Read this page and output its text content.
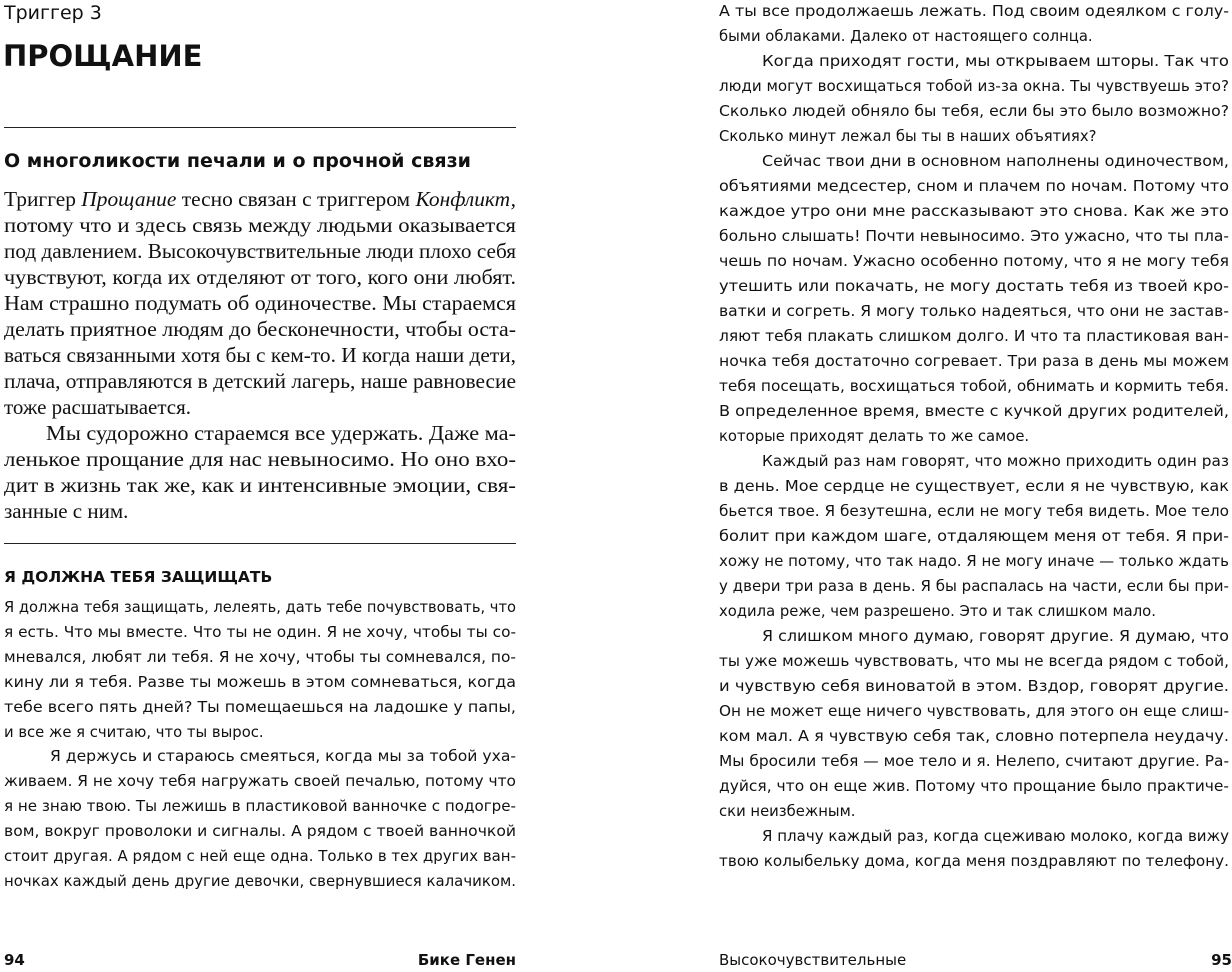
Триггер 3
ПРОЩАНИЕ
О многоликости печали и о прочной связи
Триггер Прощание тесно связан с триггером Конфликт,
потому что и здесь связь между людьми оказывается
под давлением. Высокочувствительные люди плохо себя
чувствуют, когда их отделяют от того, кого они любят.
Нам страшно подумать об одиночестве. Мы стараемся
делать приятное людям до бесконечности, чтобы оста-
ваться связанными хотя бы с кем-то. И когда наши дети,
плача, отправляются в детский лагерь, наше равновесие
тоже расшатывается.
Мы судорожно стараемся все удержать. Даже ма-
ленькое прощание для нас невыносимо. Но оно вхо-
дит в жизнь так же, как и интенсивные эмоции, свя-
занные с ним.
Я ДОЛЖНА ТЕБЯ ЗАЩИЩАТЬ
Я должна тебя защищать, лелеять, дать тебе почувствовать, что
я есть. Что мы вместе. Что ты не один. Я не хочу, чтобы ты со-
мневался, любят ли тебя. Я не хочу, чтобы ты сомневался, по-
кину ли я тебя. Разве ты можешь в этом сомневаться, когда
тебе всего пять дней? Ты помещаешься на ладошке у папы,
и все же я считаю, что ты вырос.
Я держусь и стараюсь смеяться, когда мы за тобой уха-
живаем. Я не хочу тебя нагружать своей печалью, потому что
я не знаю твою. Ты лежишь в пластиковой ванночке с подогре-
вом, вокруг проволоки и сигналы. А рядом с твоей ванночкой
стоит другая. А рядом с ней еще одна. Только в тех других ван-
ночках каждый день другие девочки, свернувшиеся калачиком.
94	Бике Генен
А ты все продолжаешь лежать. Под своим одеялком с голу-
быми облаками. Далеко от настоящего солнца.
Когда приходят гости, мы открываем шторы. Так что
люди могут восхищаться тобой из-за окна. Ты чувствуешь это?
Сколько людей обняло бы тебя, если бы это было возможно?
Сколько минут лежал бы ты в наших объятиях?
Сейчас твои дни в основном наполнены одиночеством,
объятиями медсестер, сном и плачем по ночам. Потому что
каждое утро они мне рассказывают это снова. Как же это
больно слышать! Почти невыносимо. Это ужасно, что ты пла-
чешь по ночам. Ужасно особенно потому, что я не могу тебя
утешить или покачать, не могу достать тебя из твоей кро-
ватки и согреть. Я могу только надеяться, что они не застав-
ляют тебя плакать слишком долго. И что та пластиковая ван-
ночка тебя достаточно согревает. Три раза в день мы можем
тебя посещать, восхищаться тобой, обнимать и кормить тебя.
В определенное время, вместе с кучкой других родителей,
которые приходят делать то же самое.
Каждый раз нам говорят, что можно приходить один раз
в день. Мое сердце не существует, если я не чувствую, как
бьется твое. Я безутешна, если не могу тебя видеть. Мое тело
болит при каждом шаге, отдаляющем меня от тебя. Я при-
хожу не потому, что так надо. Я не могу иначе — только ждать
у двери три раза в день. Я бы распалась на части, если бы при-
ходила реже, чем разрешено. Это и так слишком мало.
Я слишком много думаю, говорят другие. Я думаю, что
ты уже можешь чувствовать, что мы не всегда рядом с тобой,
и чувствую себя виноватой в этом. Вздор, говорят другие.
Он не может еще ничего чувствовать, для этого он еще слиш-
ком мал. А я чувствую себя так, словно потерпела неудачу.
Мы бросили тебя — мое тело и я. Нелепо, считают другие. Ра-
дуйся, что он еще жив. Потому что прощание было практиче-
ски неизбежным.
Я плачу каждый раз, когда сцеживаю молоко, когда вижу
твою колыбельку дома, когда меня поздравляют по телефону.
Высокочувствительные	95
